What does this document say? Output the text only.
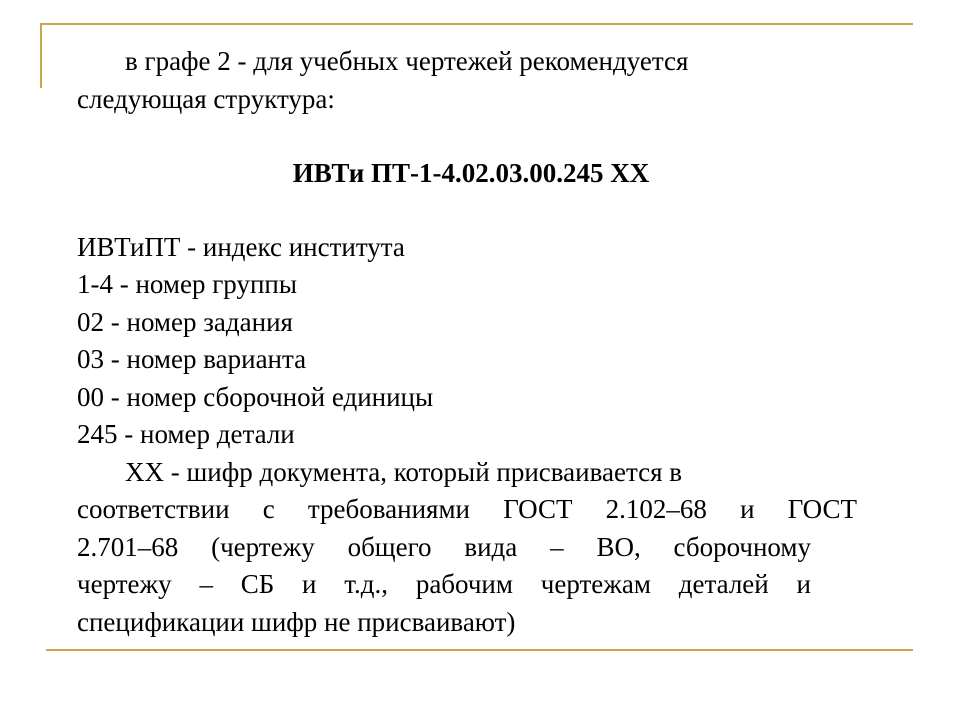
в графе 2 - для учебных чертежей рекомендуется
следующая структура:
ИВТи ПТ-1-4.02.03.00.245 ХХ
ИВТиПТ - индекс института
1-4 - номер группы
02 - номер задания
03 - номер варианта
00 - номер сборочной единицы
245 - номер детали
ХХ - шифр документа, который присваивается в
соответствии с требованиями ГОСТ 2.102–68 и ГОСТ
2.701–68 (чертежу общего вида – ВО, сборочному
чертежу – СБ и т.д., рабочим чертежам деталей и
спецификации шифр не присваивают)
